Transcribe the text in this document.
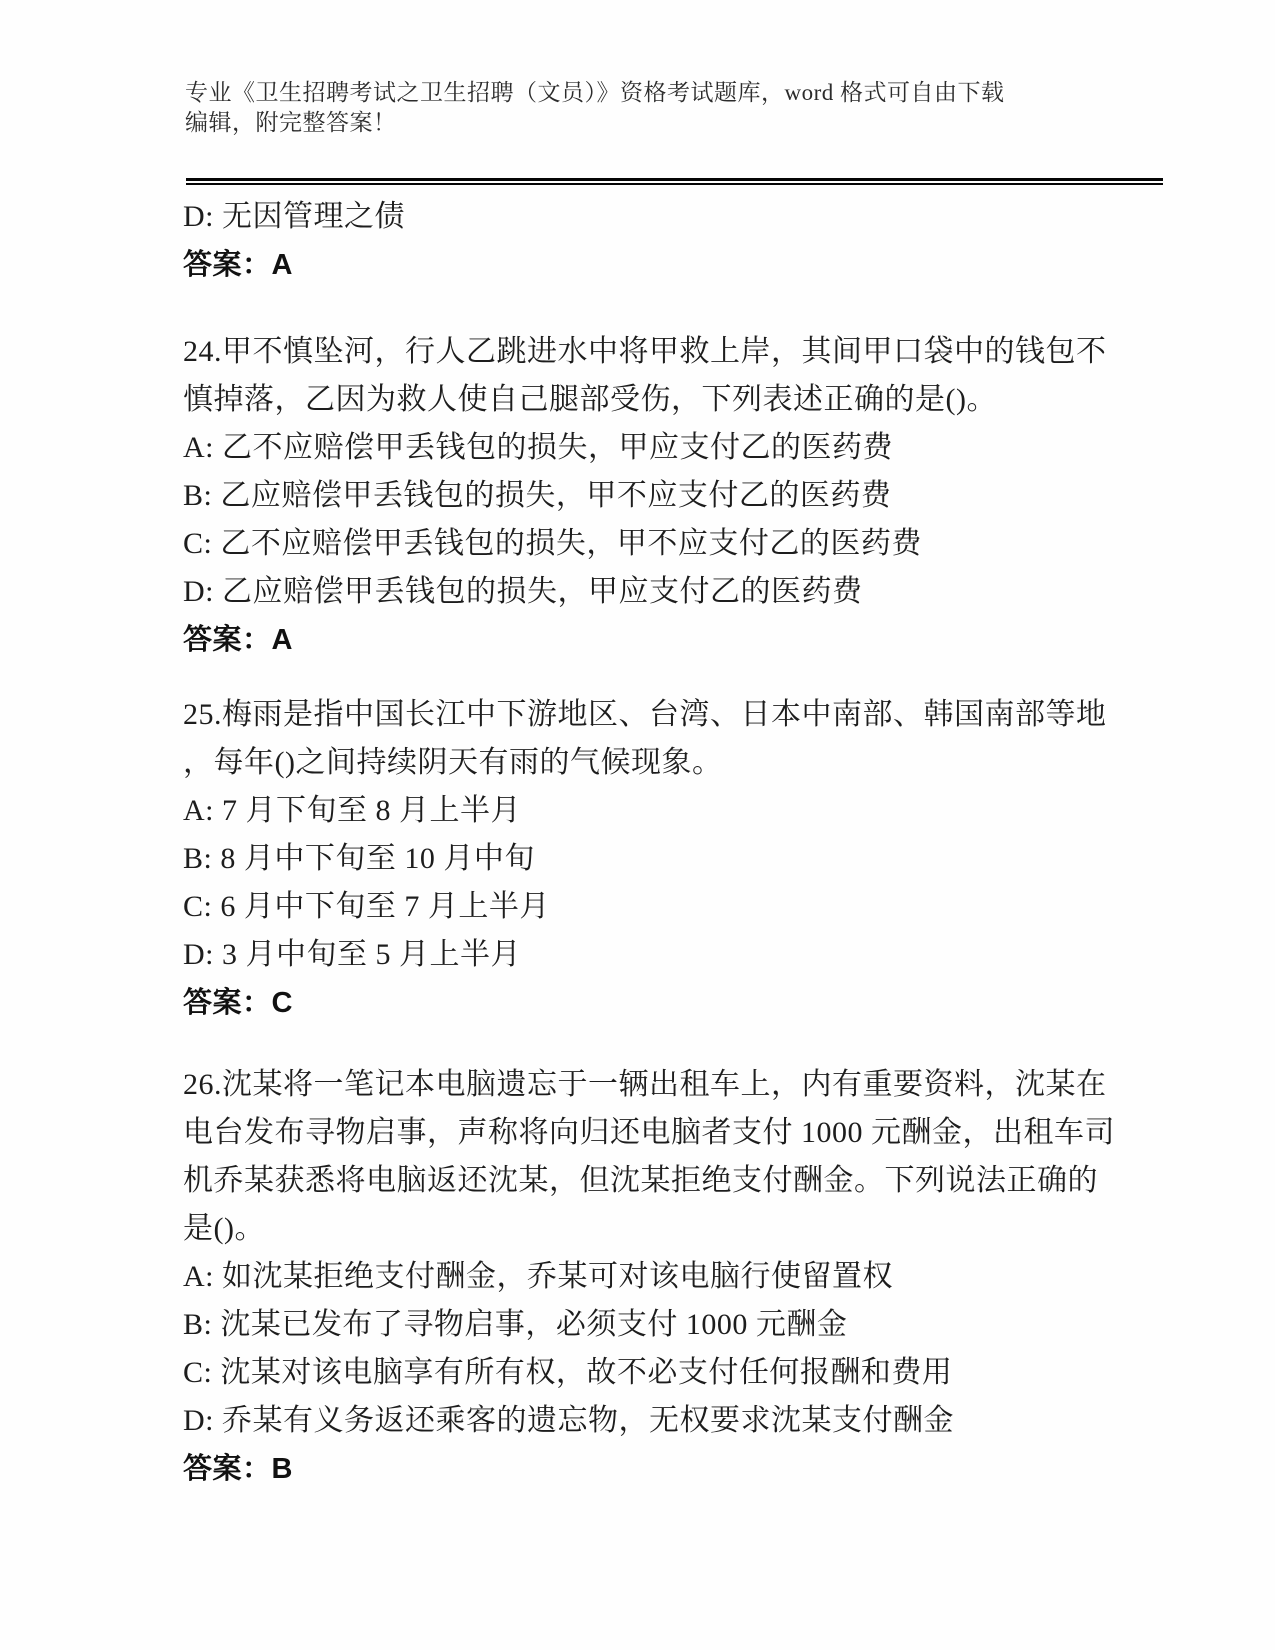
专业《卫生招聘考试之卫生招聘（文员）》资格考试题库，word 格式可自由下载
编辑，附完整答案！
D: 无因管理之债
答案：A
24.甲不慎坠河，行人乙跳进水中将甲救上岸，其间甲口袋中的钱包不
慎掉落，乙因为救人使自己腿部受伤，下列表述正确的是()。
A: 乙不应赔偿甲丢钱包的损失，甲应支付乙的医药费
B: 乙应赔偿甲丢钱包的损失，甲不应支付乙的医药费
C: 乙不应赔偿甲丢钱包的损失，甲不应支付乙的医药费
D: 乙应赔偿甲丢钱包的损失，甲应支付乙的医药费
答案：A
25.梅雨是指中国长江中下游地区、台湾、日本中南部、韩国南部等地
，每年()之间持续阴天有雨的气候现象。
A: 7 月下旬至 8 月上半月
B: 8 月中下旬至 10 月中旬
C: 6 月中下旬至 7 月上半月
D: 3 月中旬至 5 月上半月
答案：C
26.沈某将一笔记本电脑遗忘于一辆出租车上，内有重要资料，沈某在
电台发布寻物启事，声称将向归还电脑者支付 1000 元酬金，出租车司
机乔某获悉将电脑返还沈某，但沈某拒绝支付酬金。下列说法正确的
是()。
A: 如沈某拒绝支付酬金，乔某可对该电脑行使留置权
B: 沈某已发布了寻物启事，必须支付 1000 元酬金
C: 沈某对该电脑享有所有权，故不必支付任何报酬和费用
D: 乔某有义务返还乘客的遗忘物，无权要求沈某支付酬金
答案：B
